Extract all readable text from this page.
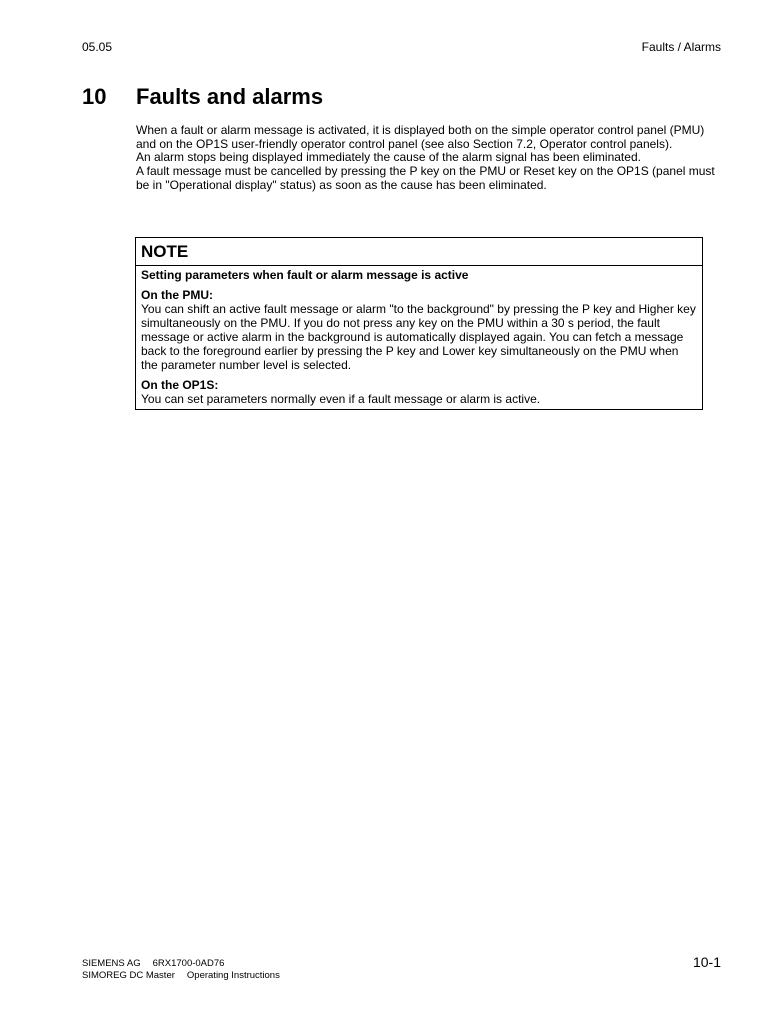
05.05	Faults / Alarms
10 Faults and alarms

When a fault or alarm message is activated, it is displayed both on the simple operator control panel (PMU) and on the OP1S user-friendly operator control panel (see also Section 7.2, Operator control panels).

An alarm stops being displayed immediately the cause of the alarm signal has been eliminated.

A fault message must be cancelled by pressing the P key on the PMU or Reset key on the OP1S (panel must be in "Operational display" status) as soon as the cause has been eliminated.

NOTE

Setting parameters when fault or alarm message is active

On the PMU:

You can shift an active fault message or alarm "to the background" by pressing the P key and Higher key simultaneously on the PMU. If you do not press any key on the PMU within a 30 s period, the fault message or active alarm in the background is automatically displayed again. You can fetch a message back to the foreground earlier by pressing the P key and Lower key simultaneously on the PMU when the parameter number level is selected.

On the OP1S:

You can set parameters normally even if a fault message or alarm is active.

SIEMENS AG 6RX1700-0AD76
SIMOREG DC Master Operating Instructions
10-1
